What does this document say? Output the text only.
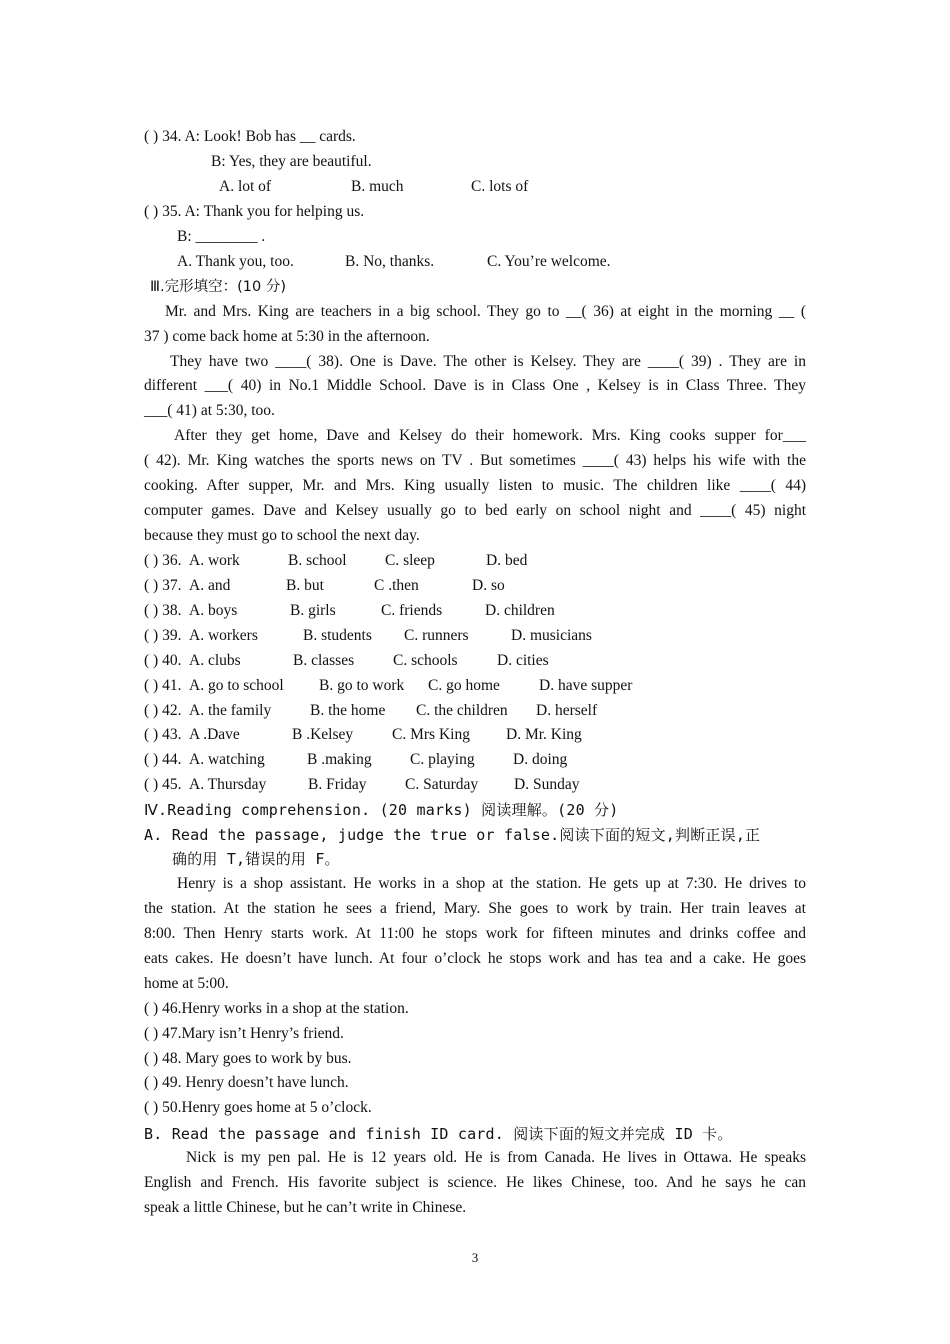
( ) 34. A: Look! Bob has __ cards.
B: Yes, they are beautiful.
A. lot of	B. much	C. lots of
( ) 35. A: Thank you for helping us.
B: ________ .
A. Thank you, too.	B. No, thanks.	C. You’re welcome.
Ⅲ.完形填空：(10 分)
Mr. and Mrs. King are teachers in a big school. They go to __( 36) at eight in the morning __ (
37 ) come back home at 5:30 in the afternoon.
They have two ____( 38). One is Dave. The other is Kelsey. They are ____( 39) . They are in
different ___( 40) in No.1 Middle School. Dave is in Class One , Kelsey is in Class Three. They
___( 41) at 5:30, too.
After they get home, Dave and Kelsey do their homework. Mrs. King cooks supper for___
( 42). Mr. King watches the sports news on TV . But sometimes ____( 43) helps his wife with the
cooking. After supper, Mr. and Mrs. King usually listen to music. The children like ____( 44)
computer games. Dave and Kelsey usually go to bed early on school night and ____( 45) night
because they must go to school the next day.
( ) 36. A. work	B. school C. sleep	D. bed
( ) 37. A. and	B. but	C .then	D. so
( ) 38. A. boys	B. girls	C. friends	D. children
( ) 39. A. workers	B. students C. runners	D. musicians
( ) 40. A. clubs	B. classes	C. schools	D. cities
( ) 41. A. go to school B. go to work C. go home	D. have supper
( ) 42. A. the family	B. the home C. the children D. herself
( ) 43. A .Dave	B .Kelsey	C. Mrs King D. Mr. King
( ) 44. A. watching	B .making C. playing D. doing
( ) 45. A. Thursday	B. Friday C. Saturday D. Sunday
Ⅳ.Reading comprehension. (20 marks) 阅读理解。(20 分)
A. Read the passage, judge the true or false.阅读下面的短文,判断正误,正
确的用 T,错误的用 F。
Henry is a shop assistant. He works in a shop at the station. He gets up at 7:30. He drives to
the station. At the station he sees a friend, Mary. She goes to work by train. Her train leaves at
8:00. Then Henry starts work. At 11:00 he stops work for fifteen minutes and drinks coffee and
eats cakes. He doesn’t have lunch. At four o’clock he stops work and has tea and a cake. He goes
home at 5:00.
( ) 46.Henry works in a shop at the station.
( ) 47.Mary isn’t Henry’s friend.
( ) 48. Mary goes to work by bus.
( ) 49. Henry doesn’t have lunch.
( ) 50.Henry goes home at 5 o’clock.
B. Read the passage and finish ID card. 阅读下面的短文并完成 ID 卡。
Nick is my pen pal. He is 12 years old. He is from Canada. He lives in Ottawa. He speaks
English and French. His favorite subject is science. He likes Chinese, too. And he says he can
speak a little Chinese, but he can’t write in Chinese.
3
